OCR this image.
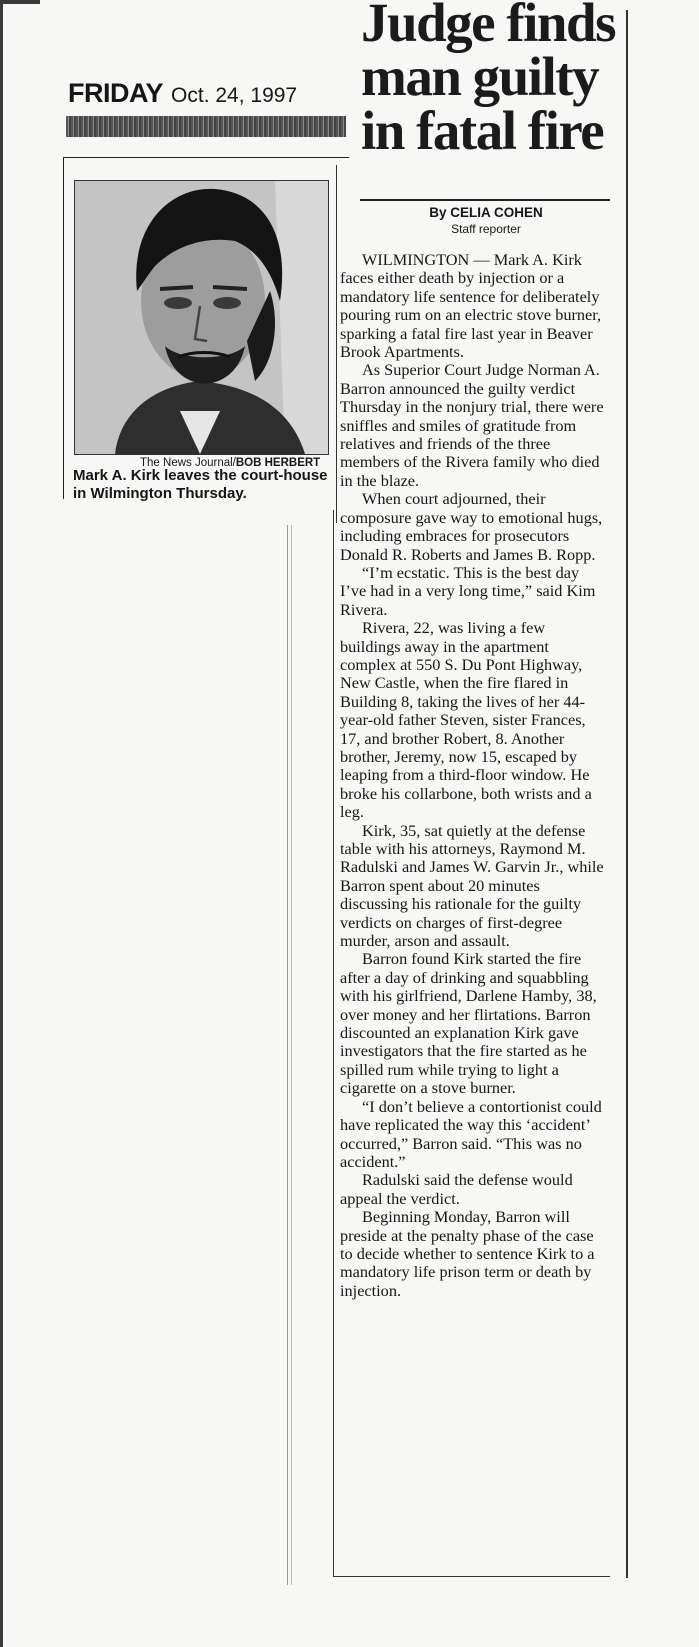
FRIDAY Oct. 24, 1997
The News Journal/BOB HERBERT
Mark A. Kirk leaves the court-house in Wilmington Thursday.
Judge finds man guilty in fatal fire
By CELIA COHEN
Staff reporter

WILMINGTON — Mark A. Kirk faces either death by injection or a mandatory life sentence for deliberately pouring rum on an electric stove burner, sparking a fatal fire last year in Beaver Brook Apartments.

As Superior Court Judge Norman A. Barron announced the guilty verdict Thursday in the nonjury trial, there were sniffles and smiles of gratitude from relatives and friends of the three members of the Rivera family who died in the blaze.

When court adjourned, their composure gave way to emotional hugs, including embraces for prosecutors Donald R. Roberts and James B. Ropp.

“I’m ecstatic. This is the best day I’ve had in a very long time,” said Kim Rivera.

Rivera, 22, was living a few buildings away in the apartment complex at 550 S. Du Pont Highway, New Castle, when the fire flared in Building 8, taking the lives of her 44-year-old father Steven, sister Frances, 17, and brother Robert, 8. Another brother, Jeremy, now 15, escaped by leaping from a third-floor window. He broke his collarbone, both wrists and a leg.

Kirk, 35, sat quietly at the defense table with his attorneys, Raymond M. Radulski and James W. Garvin Jr., while Barron spent about 20 minutes discussing his rationale for the guilty verdicts on charges of first-degree murder, arson and assault.

Barron found Kirk started the fire after a day of drinking and squabbling with his girlfriend, Darlene Hamby, 38, over money and her flirtations. Barron discounted an explanation Kirk gave investigators that the fire started as he spilled rum while trying to light a cigarette on a stove burner.

“I don’t believe a contortionist could have replicated the way this ‘accident’ occurred,” Barron said. “This was no accident.”

Radulski said the defense would appeal the verdict.

Beginning Monday, Barron will preside at the penalty phase of the case to decide whether to sentence Kirk to a mandatory life prison term or death by injection.
